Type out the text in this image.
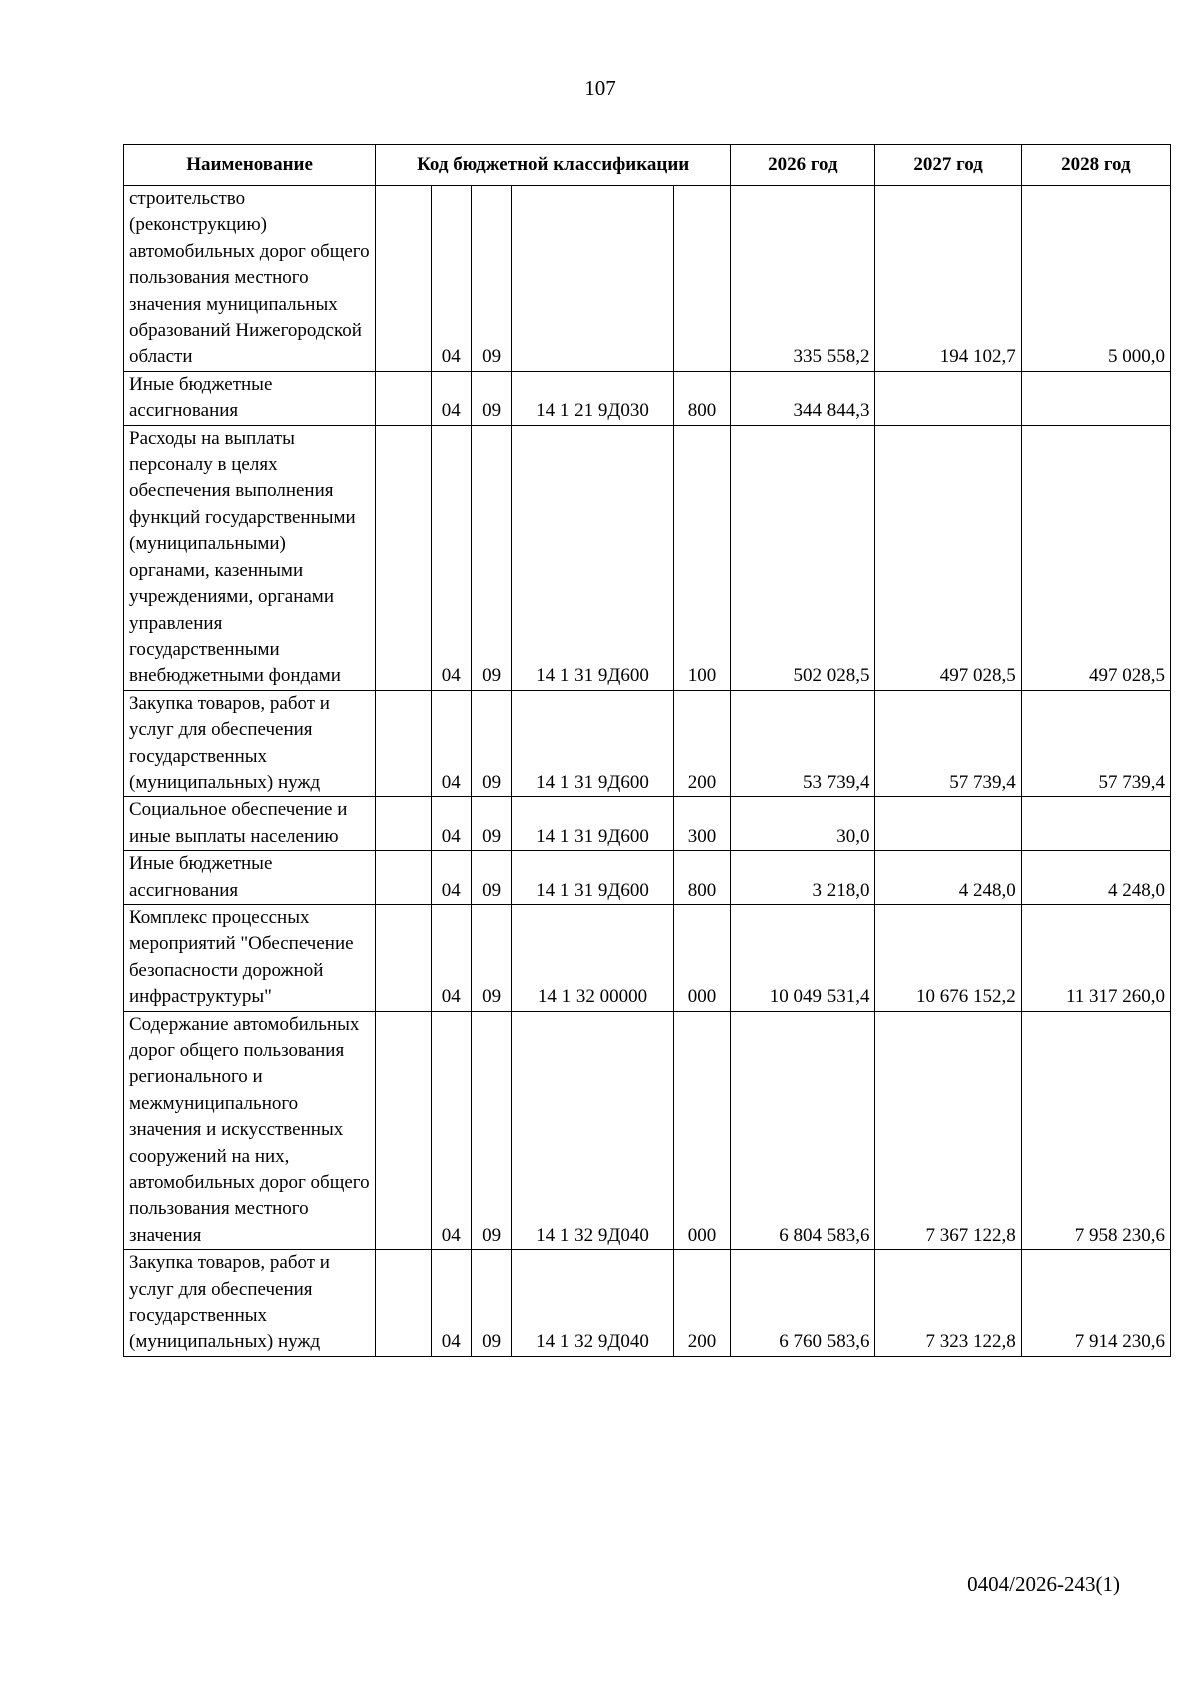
107
Наименование	Код бюджетной классификации					2026 год	2027 год	2028 год
строительство (реконструкцию) автомобильных дорог общего пользования местного значения муниципальных образований Нижегородской области		04	09			335 558,2	194 102,7	5 000,0
Иные бюджетные ассигнования		04	09	14 1 21 9Д030	800	344 844,3		
Расходы на выплаты персоналу в целях обеспечения выполнения функций государственными (муниципальными) органами, казенными учреждениями, органами управления государственными внебюджетными фондами		04	09	14 1 31 9Д600	100	502 028,5	497 028,5	497 028,5
Закупка товаров, работ и услуг для обеспечения государственных (муниципальных) нужд		04	09	14 1 31 9Д600	200	53 739,4	57 739,4	57 739,4
Социальное обеспечение и иные выплаты населению		04	09	14 1 31 9Д600	300	30,0		
Иные бюджетные ассигнования		04	09	14 1 31 9Д600	800	3 218,0	4 248,0	4 248,0
Комплекс процессных мероприятий "Обеспечение безопасности дорожной инфраструктуры"		04	09	14 1 32 00000	000	10 049 531,4	10 676 152,2	11 317 260,0
Содержание автомобильных дорог общего пользования регионального и межмуниципального значения и искусственных сооружений на них, автомобильных дорог общего пользования местного значения		04	09	14 1 32 9Д040	000	6 804 583,6	7 367 122,8	7 958 230,6
Закупка товаров, работ и услуг для обеспечения государственных (муниципальных) нужд		04	09	14 1 32 9Д040	200	6 760 583,6	7 323 122,8	7 914 230,6
0404/2026-243(1)
